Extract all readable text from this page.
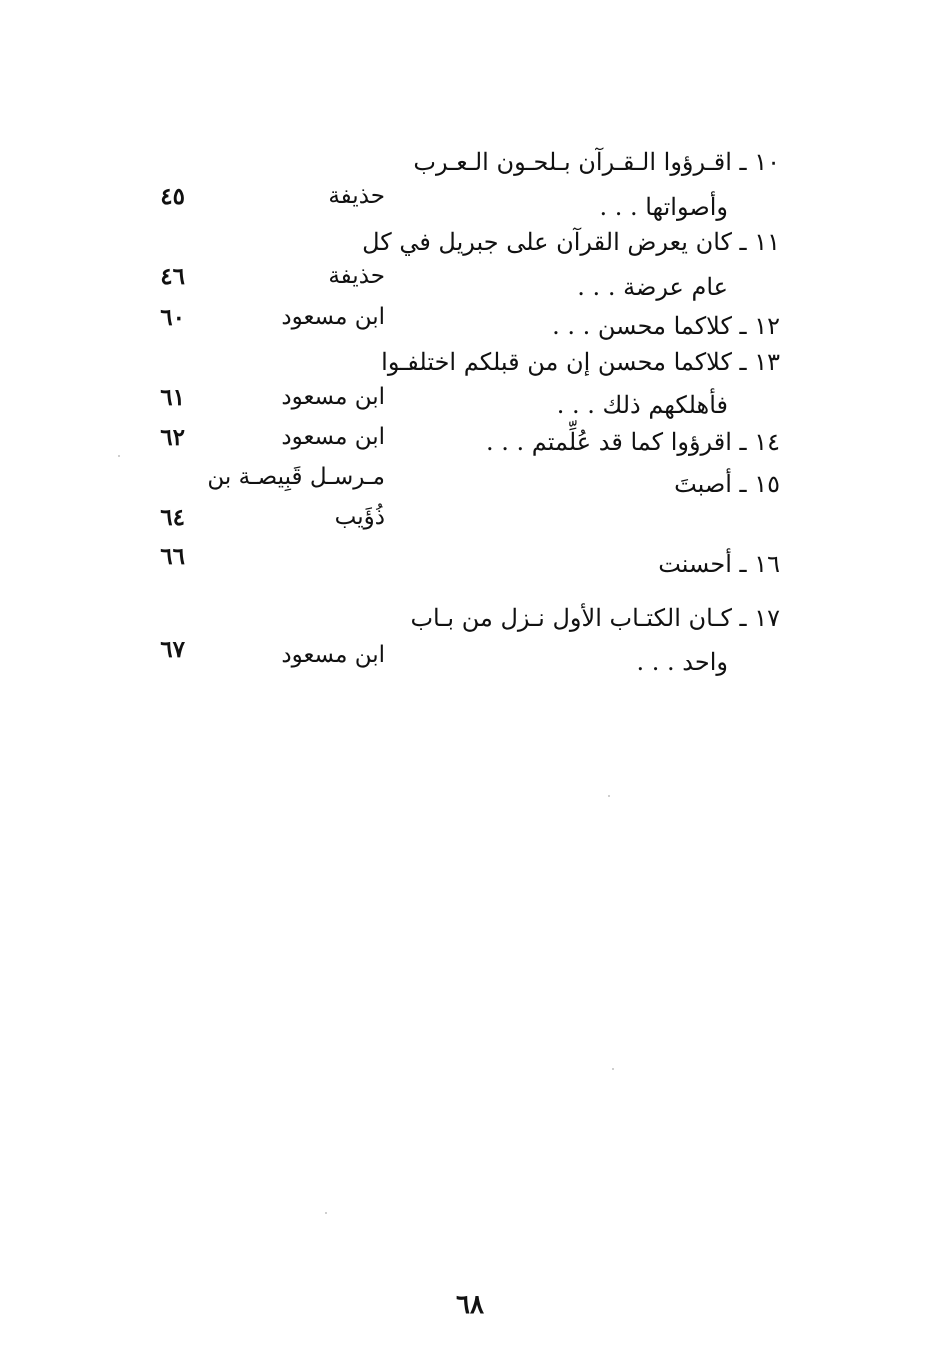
١٠ ـ اقـرؤوا الـقـرآن بـلحـون الـعـرب
وأصواتها . . .
حذيفة
٤٥
١١ ـ كان يعرض القرآن على جبريل في كل
عام عرضة . . .
حذيفة
٤٦
١٢ ـ كلاكما محسن . . .
ابن مسعود
٦٠
١٣ ـ كلاكما محسن إن من قبلكم اختلفـوا
فأهلكهم ذلك . . .
ابن مسعود
٦١
١٤ ـ اقرؤوا كما قد عُلِّمتم . . .
ابن مسعود
٦٢
١٥ ـ أصبتَ
مـرسـل قَبِيصـة بن
ذُؤَيب
٦٤
١٦ ـ أحسنت
٦٦
١٧ ـ كـان الكتـاب الأول نـزل من بـاب
واحد . . .
ابن مسعود
٦٧
٦٨
